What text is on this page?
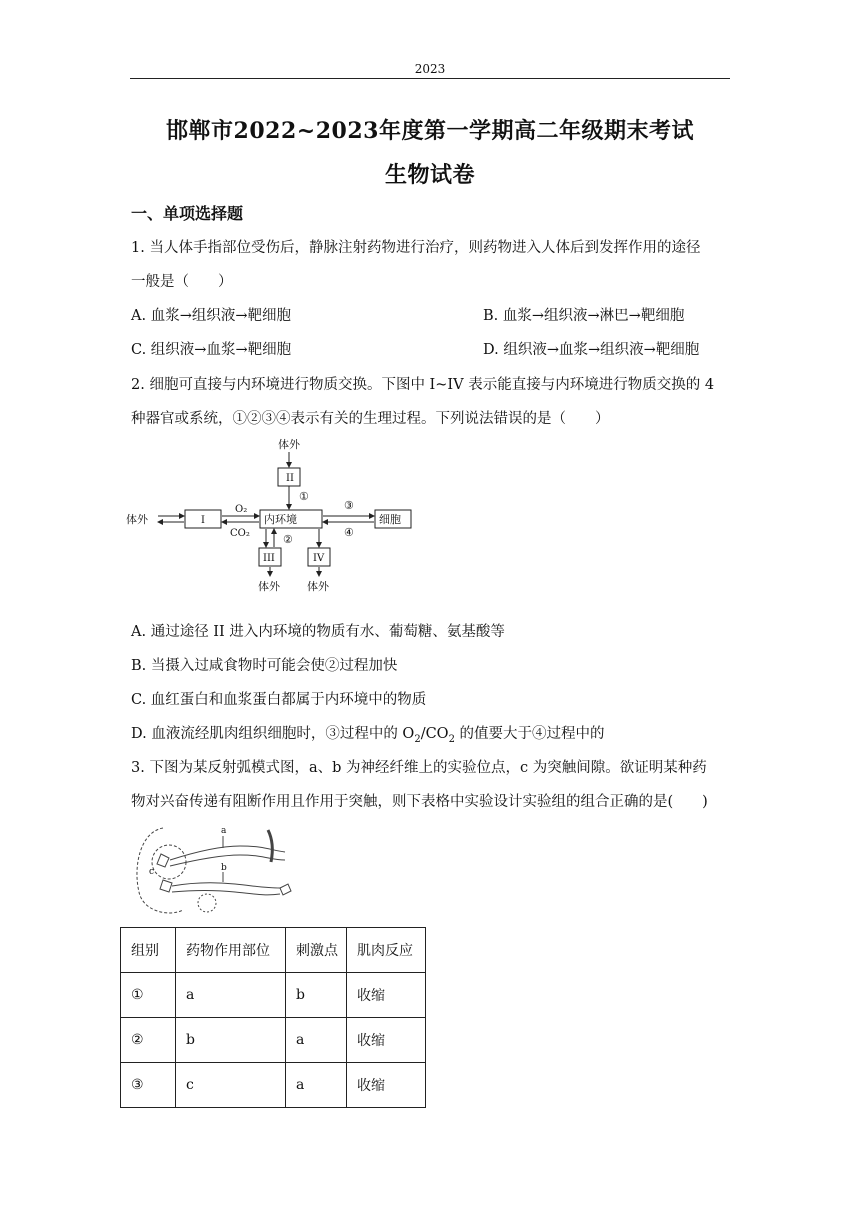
2023
邯郸市2022~2023年度第一学期高二年级期末考试
生物试卷
一、单项选择题
1. 当人体手指部位受伤后，静脉注射药物进行治疗，则药物进入人体后到发挥作用的途径
一般是（　　）
A. 血浆→组织液→靶细胞	B. 血浆→组织液→淋巴→靶细胞
C. 组织液→血浆→靶细胞	D. 组织液→血浆→组织液→靶细胞
2. 细胞可直接与内环境进行物质交换。下图中 I~IV 表示能直接与内环境进行物质交换的 4
种器官或系统，①②③④表示有关的生理过程。下列说法错误的是（　　）
体外
II
①
体外	I
O₂
CO₂
内环境
③
④
细胞
②
III	IV
体外 体外
A. 通过途径 II 进入内环境的物质有水、葡萄糖、氨基酸等
B. 当摄入过咸食物时可能会使②过程加快
C. 血红蛋白和血浆蛋白都属于内环境中的物质
D. 血液流经肌肉组织细胞时，③过程中的 $O_2/CO_2$ 的值要大于④过程中的
3. 下图为某反射弧模式图，a、b 为神经纤维上的实验位点，c 为突触间隙。欲证明某种药
物对兴奋传递有阻断作用且作用于突触，则下表格中实验设计实验组的组合正确的是(　　)
a
b
c
组别	药物作用部位	刺激点	肌肉反应
①	a	b	收缩
②	b	a	收缩
③	c	a	收缩
